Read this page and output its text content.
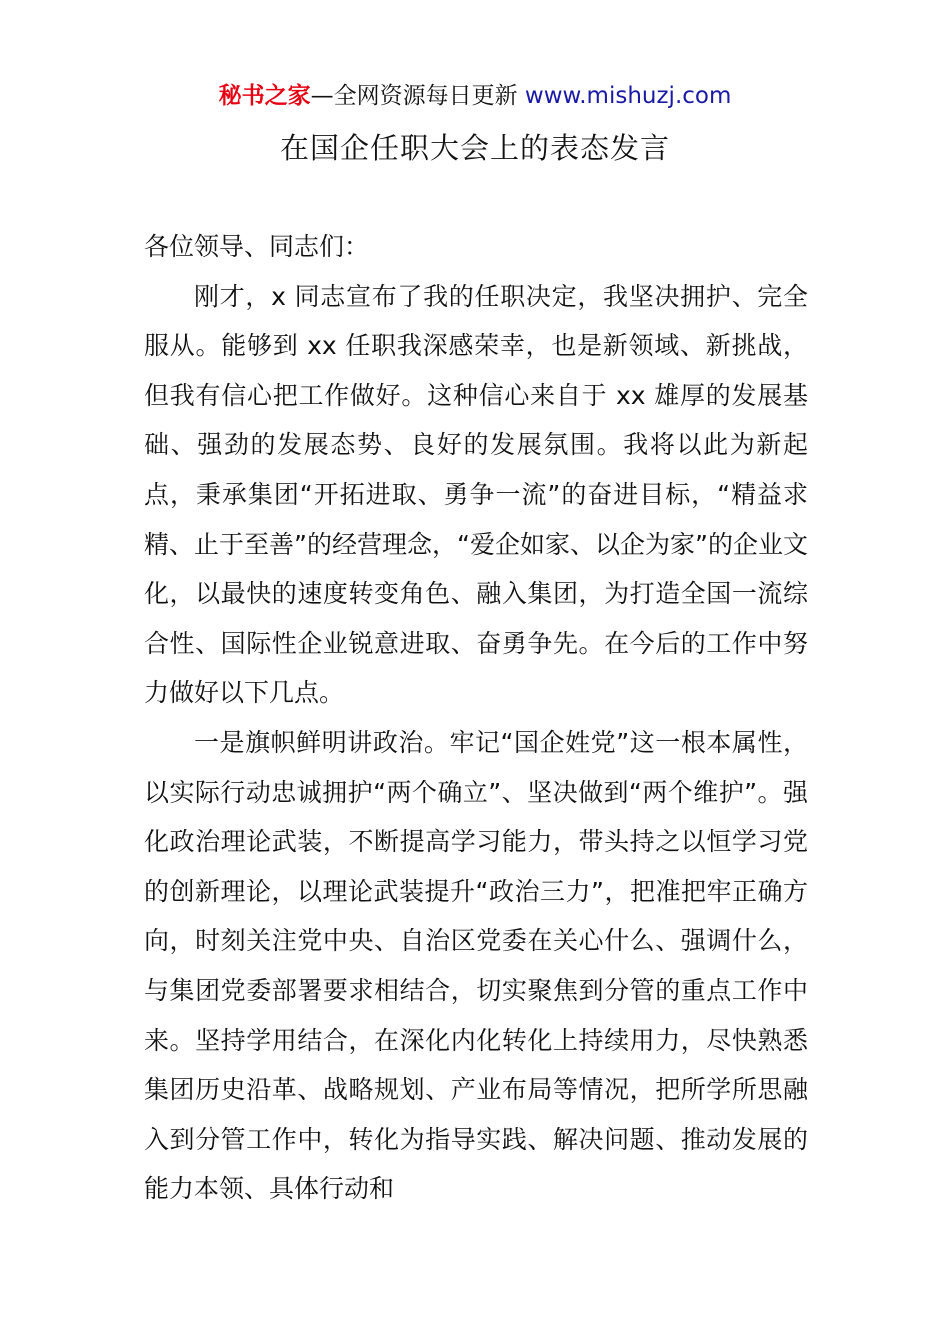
秘书之家—全网资源每日更新 www.mishuzj.com
在国企任职大会上的表态发言

各位领导、同志们：

刚才，x 同志宣布了我的任职决定，我坚决拥护、完全服从。能够到 xx 任职我深感荣幸，也是新领域、新挑战，但我有信心把工作做好。这种信心来自于 xx 雄厚的发展基础、强劲的发展态势、良好的发展氛围。我将以此为新起点，秉承集团“开拓进取、勇争一流”的奋进目标，“精益求精、止于至善”的经营理念，“爱企如家、以企为家”的企业文化，以最快的速度转变角色、融入集团，为打造全国一流综合性、国际性企业锐意进取、奋勇争先。在今后的工作中努力做好以下几点。

一是旗帜鲜明讲政治。牢记“国企姓党”这一根本属性，以实际行动忠诚拥护“两个确立”、坚决做到“两个维护”。强化政治理论武装，不断提高学习能力，带头持之以恒学习党的创新理论，以理论武装提升“政治三力”，把准把牢正确方向，时刻关注党中央、自治区党委在关心什么、强调什么，与集团党委部署要求相结合，切实聚焦到分管的重点工作中来。坚持学用结合，在深化内化转化上持续用力，尽快熟悉集团历史沿革、战略规划、产业布局等情况，把所学所思融入到分管工作中，转化为指导实践、解决问题、推动发展的能力本领、具体行动和
